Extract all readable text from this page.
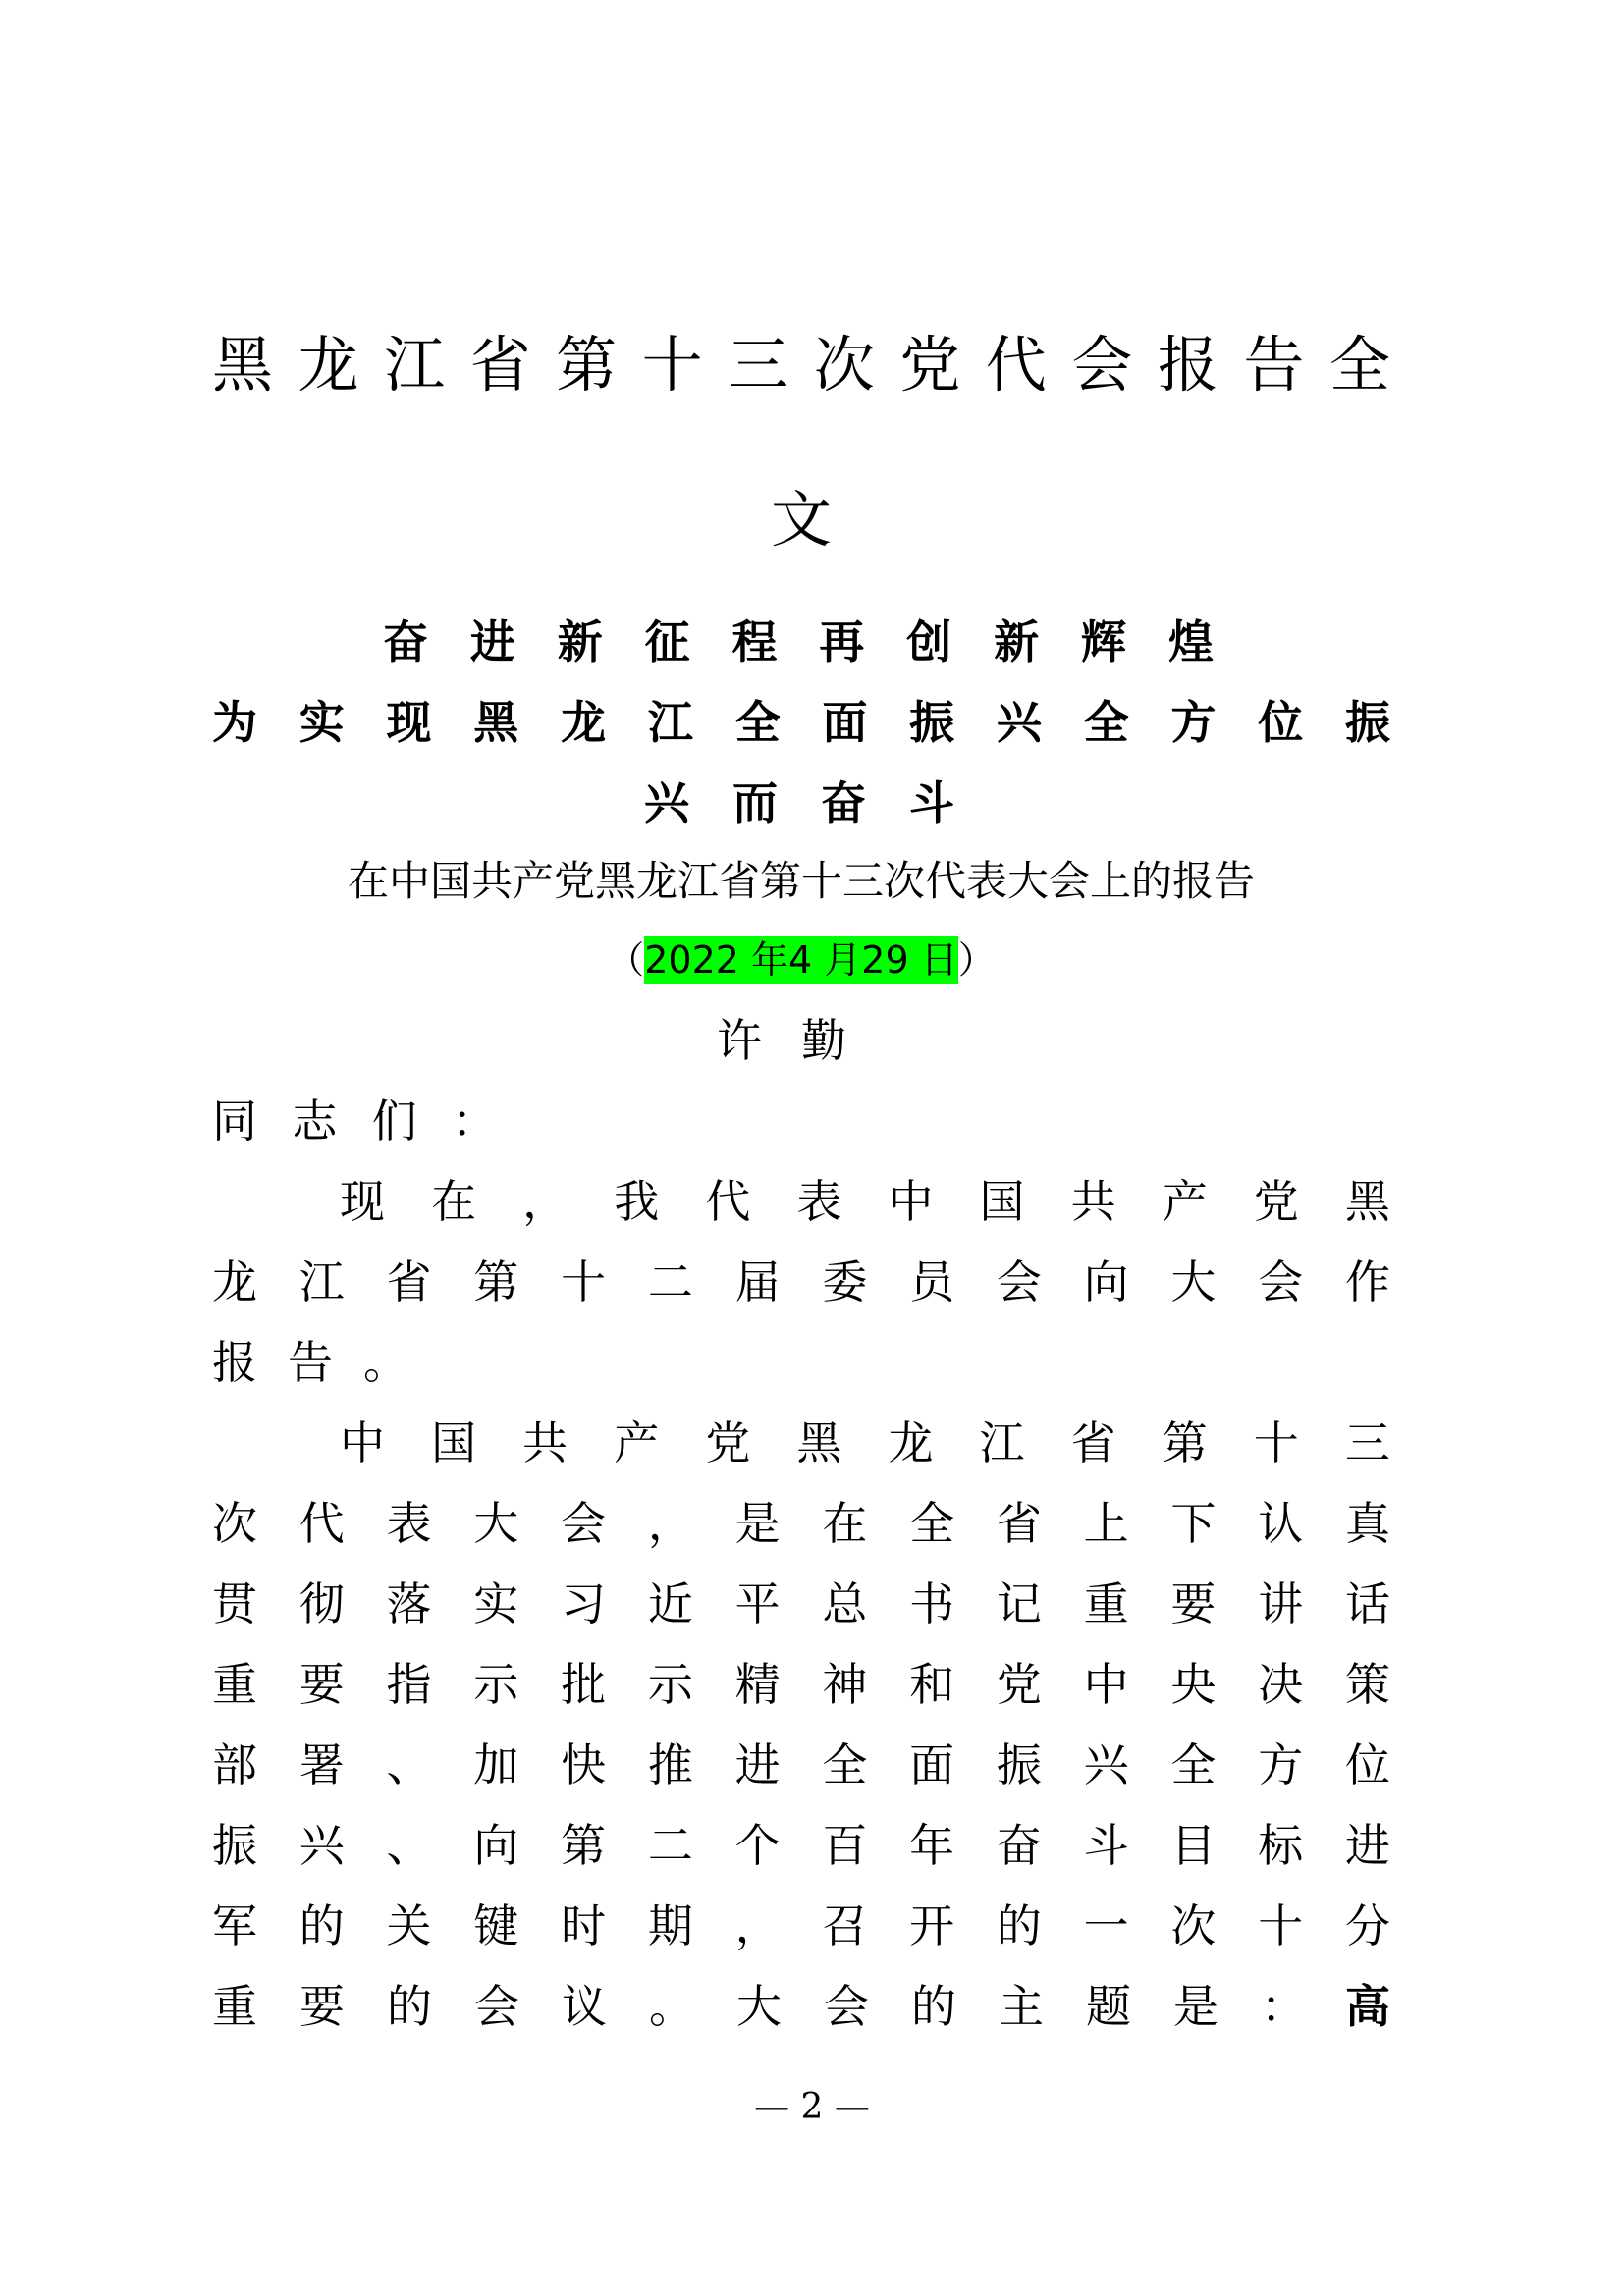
黑 龙 江 省 第 十 三 次 党 代 会 报 告 全
文
奋 进 新 征 程 再 创 新 辉 煌
为 实 现 黑 龙 江 全 面 振 兴 全 方 位 振
兴 而 奋 斗
在中国共产党黑龙江省第十三次代表大会上的报告
（2022 年4 月29 日）
许勤
同 志 们 ：
现 在 ， 我 代 表 中 国 共 产 党 黑
龙 江 省 第 十 二 届 委 员 会 向 大 会 作
报 告 。
中 国 共 产 党 黑 龙 江 省 第 十 三
次 代 表 大 会 ， 是 在 全 省 上 下 认 真
贯 彻 落 实 习 近 平 总 书 记 重 要 讲 话
重 要 指 示 批 示 精 神 和 党 中 央 决 策
部 署 、 加 快 推 进 全 面 振 兴 全 方 位
振 兴 、 向 第 二 个 百 年 奋 斗 目 标 进
军 的 关 键 时 期 ， 召 开 的 一 次 十 分
重 要 的 会 议 。 大 会 的 主 题 是 ： 高
— 2 —
